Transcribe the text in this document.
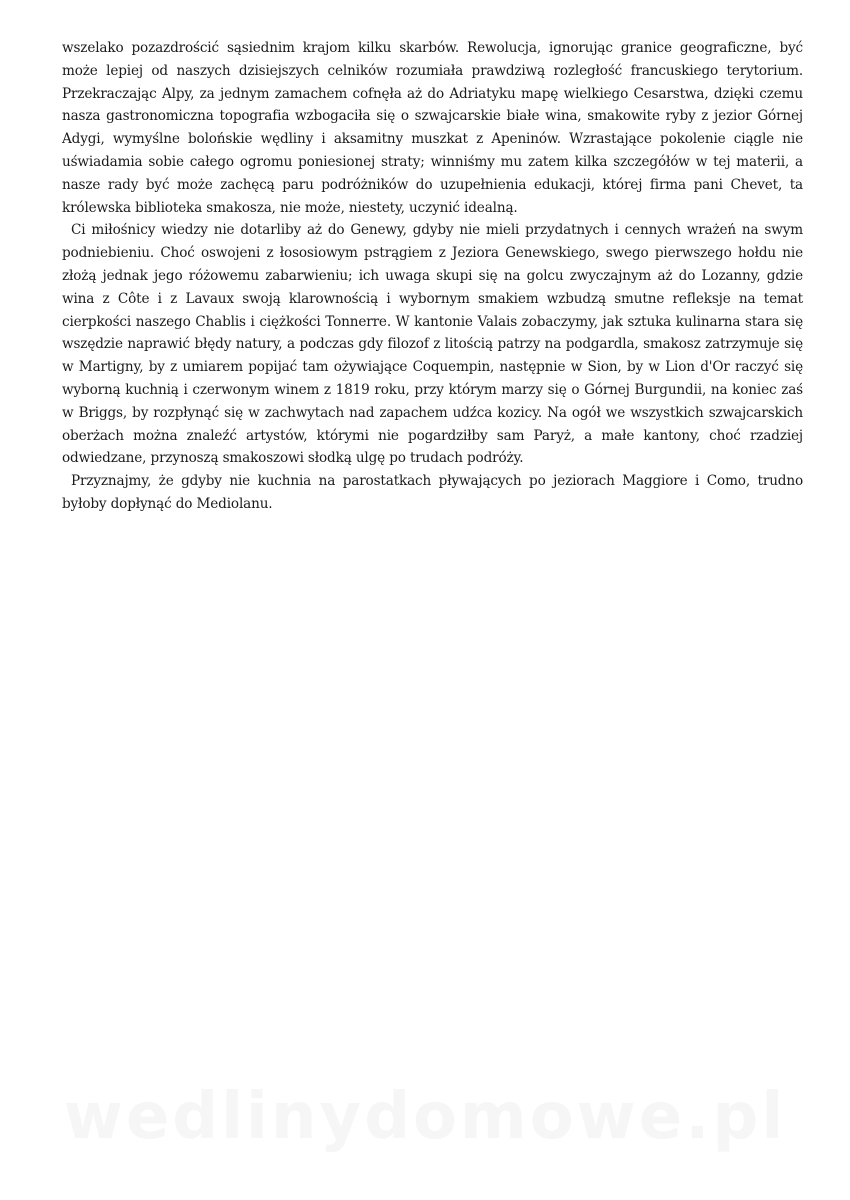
wszelako pozazdrościć sąsiednim krajom kilku skarbów. Rewolucja, ignorując granice geograficzne, być może lepiej od naszych dzisiejszych celników rozumiała prawdziwą rozległość francuskiego terytorium. Przekraczając Alpy, za jednym zamachem cofnęła aż do Adriatyku mapę wielkiego Cesarstwa, dzięki czemu nasza gastronomiczna topografia wzbogaciła się o szwajcarskie białe wina, smakowite ryby z jezior Górnej Adygi, wymyślne bolońskie wędliny i aksamitny muszkat z Apeninów. Wzrastające pokolenie ciągle nie uświadamia sobie całego ogromu poniesionej straty; winniśmy mu zatem kilka szczegółów w tej materii, a nasze rady być może zachęcą paru podróżników do uzupełnienia edukacji, której firma pani Chevet, ta królewska biblioteka smakosza, nie może, niestety, uczynić idealną.

Ci miłośnicy wiedzy nie dotarliby aż do Genewy, gdyby nie mieli przydatnych i cennych wrażeń na swym podniebieniu. Choć oswojeni z łososiowym pstrągiem z Jeziora Genewskiego, swego pierwszego hołdu nie złożą jednak jego różowemu zabarwieniu; ich uwaga skupi się na golcu zwyczajnym aż do Lozanny, gdzie wina z Côte i z Lavaux swoją klarownością i wybornym smakiem wzbudzą smutne refleksje na temat cierpkości naszego Chablis i ciężkości Tonnerre. W kantonie Valais zobaczymy, jak sztuka kulinarna stara się wszędzie naprawić błędy natury, a podczas gdy filozof z litością patrzy na podgardla, smakosz zatrzymuje się w Martigny, by z umiarem popijać tam ożywiające Coquempin, następnie w Sion, by w Lion d'Or raczyć się wyborną kuchnią i czerwonym winem z 1819 roku, przy którym marzy się o Górnej Burgundii, na koniec zaś w Briggs, by rozpłynąć się w zachwytach nad zapachem udźca kozicy. Na ogół we wszystkich szwajcarskich oberżach można znaleźć artystów, którymi nie pogardziłby sam Paryż, a małe kantony, choć rzadziej odwiedzane, przynoszą smakoszowi słodką ulgę po trudach podróży.

Przyznajmy, że gdyby nie kuchnia na parostatkach pływających po jeziorach Maggiore i Como, trudno byłoby dopłynąć do Mediolanu.

wedlinydomowe.pl
